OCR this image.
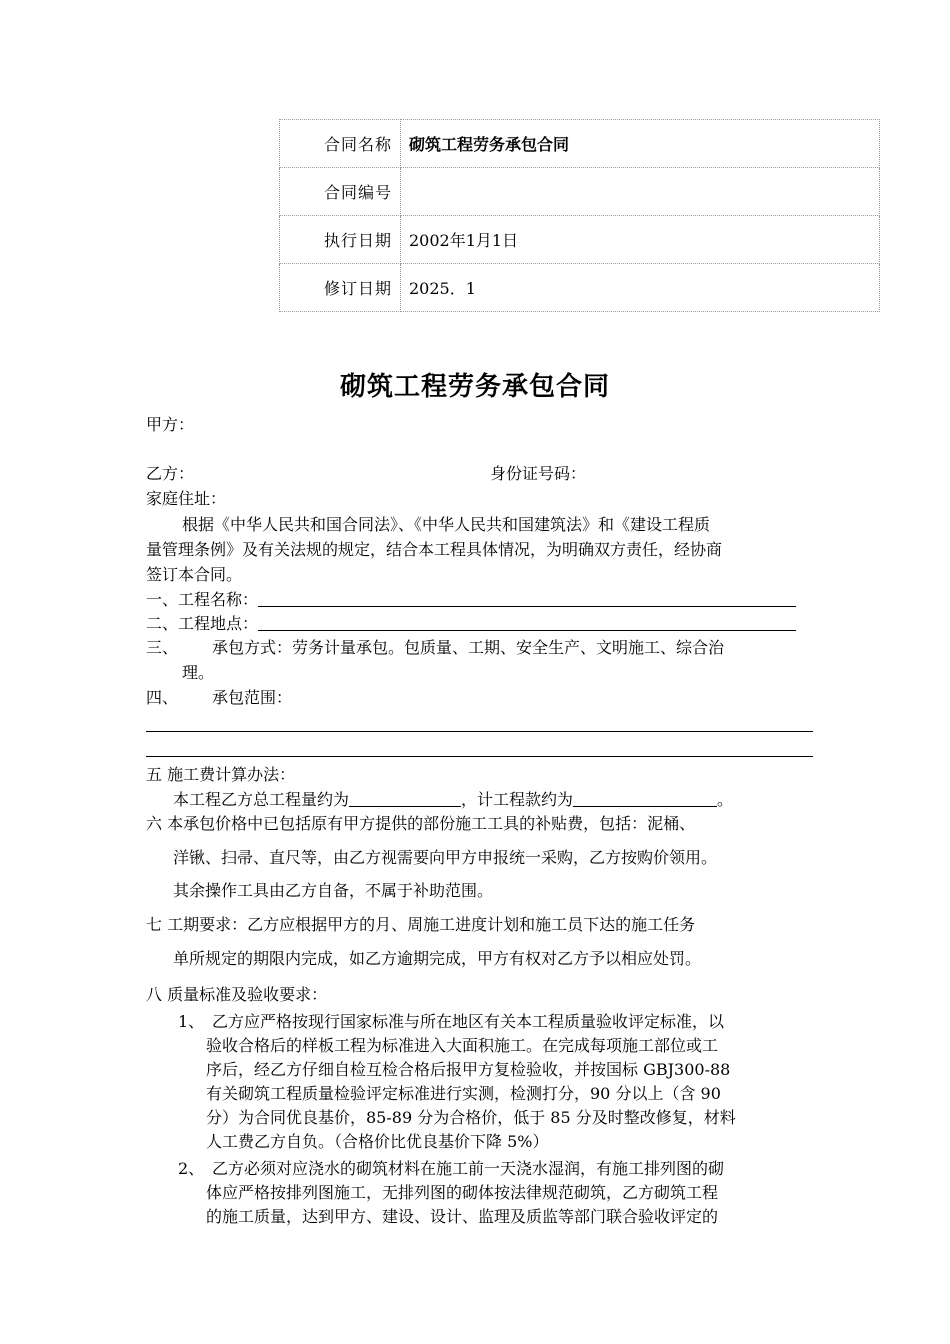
合同名称	砌筑工程劳务承包合同
合同编号	
执行日期	2002年1月1日
修订日期	2025．1
砌筑工程劳务承包合同
甲方：
乙方：	身份证号码：
家庭住址：
根据《中华人民共和国合同法》、《中华人民共和国建筑法》和《建设工程质
量管理条例》及有关法规的规定，结合本工程具体情况，为明确双方责任，经协商
签订本合同。
一、工程名称：
二、工程地点：
三、 承包方式：劳务计量承包。包质量、工期、安全生产、文明施工、综合治
理。
四、 承包范围：
五 施工费计算办法：
本工程乙方总工程量约为	，计工程款约为	。
六 本承包价格中已包括原有甲方提供的部份施工工具的补贴费，包括：泥桶、
洋锹、扫帚、直尺等，由乙方视需要向甲方申报统一采购，乙方按购价领用。
其余操作工具由乙方自备，不属于补助范围。
七 工期要求：乙方应根据甲方的月、周施工进度计划和施工员下达的施工任务
单所规定的期限内完成，如乙方逾期完成，甲方有权对乙方予以相应处罚。
八 质量标准及验收要求：
1、 乙方应严格按现行国家标准与所在地区有关本工程质量验收评定标准，以
验收合格后的样板工程为标准进入大面积施工。在完成每项施工部位或工
序后，经乙方仔细自检互检合格后报甲方复检验收，并按国标 GBJ300-88
有关砌筑工程质量检验评定标准进行实测，检测打分，90 分以上（含 90
分）为合同优良基价，85-89 分为合格价，低于 85 分及时整改修复，材料
人工费乙方自负。（合格价比优良基价下降 5%）
2、 乙方必须对应浇水的砌筑材料在施工前一天浇水湿润，有施工排列图的砌
体应严格按排列图施工，无排列图的砌体按法律规范砌筑，乙方砌筑工程
的施工质量，达到甲方、建设、设计、监理及质监等部门联合验收评定的
